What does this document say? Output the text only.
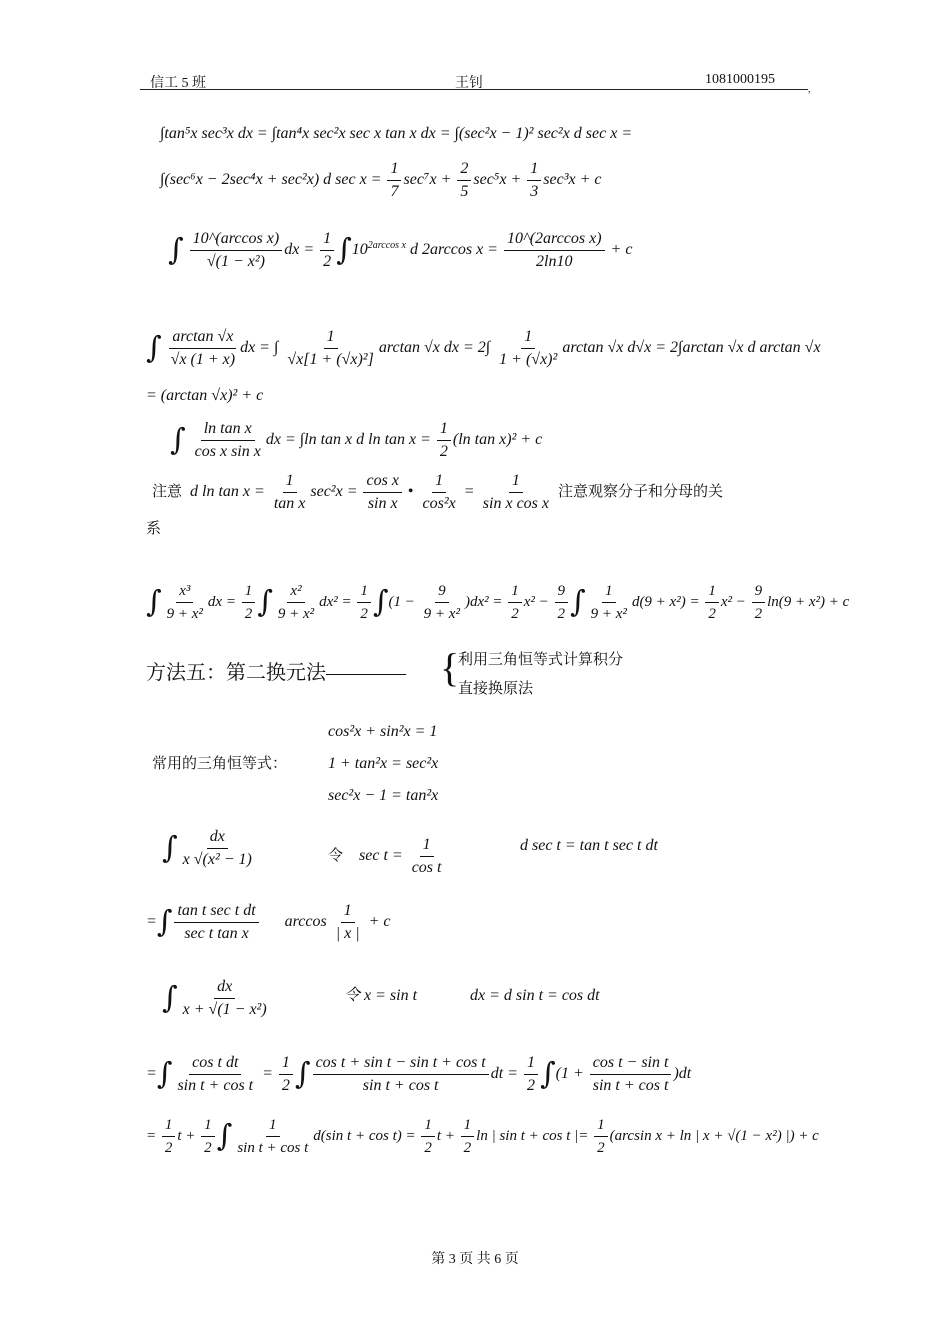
信工 5 班	王钊	1081000195
,
∫tan⁵x sec³x dx = ∫tan⁴x sec²x sec x tan x dx = ∫(sec²x − 1)² sec²x d sec x =
∫(sec⁶x − 2sec⁴x + sec²x) d $\sec x = \frac{1}{7} \sec^7x + \frac{2}{5} \sec^5x + \frac{1}{3} \sec^3x + c$
∫ $\frac{\text{10\textasciicircum{}(arccos x)}}{\text{√(1 − x²)}}$ dx = $\frac{1}{2} \int 10^{2arccos x}$ d 2arccos $x = \frac{\text{10\textasciicircum{}(2arccos x)}}{2\ln 10} + c$
∫ $\frac{\arctan √x}{√x (1 + x)}$ dx = ∫ $\frac{1}{\text{√x[1 + (√x)²]}}$ arctan √x dx = $2\int \frac{1}{\text{1 + (√x)²}}$ arctan √x d√x = 2∫arctan √x d arctan √x
= (arctan √x)² + c
∫ $\frac{\text{ln tan x}}{\text{cos x sin x}}$ dx = ∫ln tan x d $\ln \tan x = \frac{1}{2} (\ln$ tan x)² + c
注意 d $\ln \tan x = \frac{1}{\text{tan x}} \sec^2x = \frac{\text{cos x}}{\text{sin x}}$ • $\frac{1}{\text{cos²x}} = \frac{1}{\text{sin x cos x}}$ 注意观察分子和分母的关
系
∫ $\frac{\text{x³}}{\text{9 + x²}}$ dx = $\frac{1}{2}$ ∫ $\frac{\text{x²}}{\text{9 + x²}} dx^2 = \frac{1}{2} \int(1 - \frac{9}{\text{9 + x²}} )dx^2 = \frac{1}{2} x^2 - \frac{9}{2}$ ∫ $\frac{1}{\text{9 + x²}} d(9 + x^2) = \frac{1}{2} x^2 - \frac{9}{2} \ln(9 + x^2) + c$
方法五：第二换元法———— {
利用三角恒等式计算积分
直接换原法
cos²x + sin²x = 1
常用的三角恒等式：	1 + tan²x = sec²x
sec²x − 1 = tan²x
∫ $\frac{dx}{\text{x √(x² − 1)}}$	令 $\sec t = \frac{1}{\text{cos t}}$	d sec t = tan t sec t dt
=∫ tan t sec t dt
sec t tan x
$\arccos \frac{1}{| x |} + c$
∫ $\frac{dx}{\text{x + √(1 − x²)}}$	令 x = sin t	dx = d sin t = cos dt
=∫ $\frac{\text{cos t dt}}{\text{sin t + cos t}} = \frac{1}{2}$ ∫ $\frac{\text{cos t + sin t − sin t + cos t}}{\text{sin t + cos t}}$ dt = $\frac{1}{2} \int(1 + \frac{\text{cos t − sin t}}{\text{sin t + cos t}} )dt$
= $\frac{1}{2}$ $t + \frac{1}{2}$ ∫ $\frac{1}{\text{sin t + cos t}} d(\sin$ $t + \cos t) = \frac{1}{2}$ $t + \frac{1}{2}$ ln | sin t + cos t |= $\frac{1}{2} (\arcsin$ x + ln | x + √(1 − x²) |) + c
第 3 页 共 6 页
